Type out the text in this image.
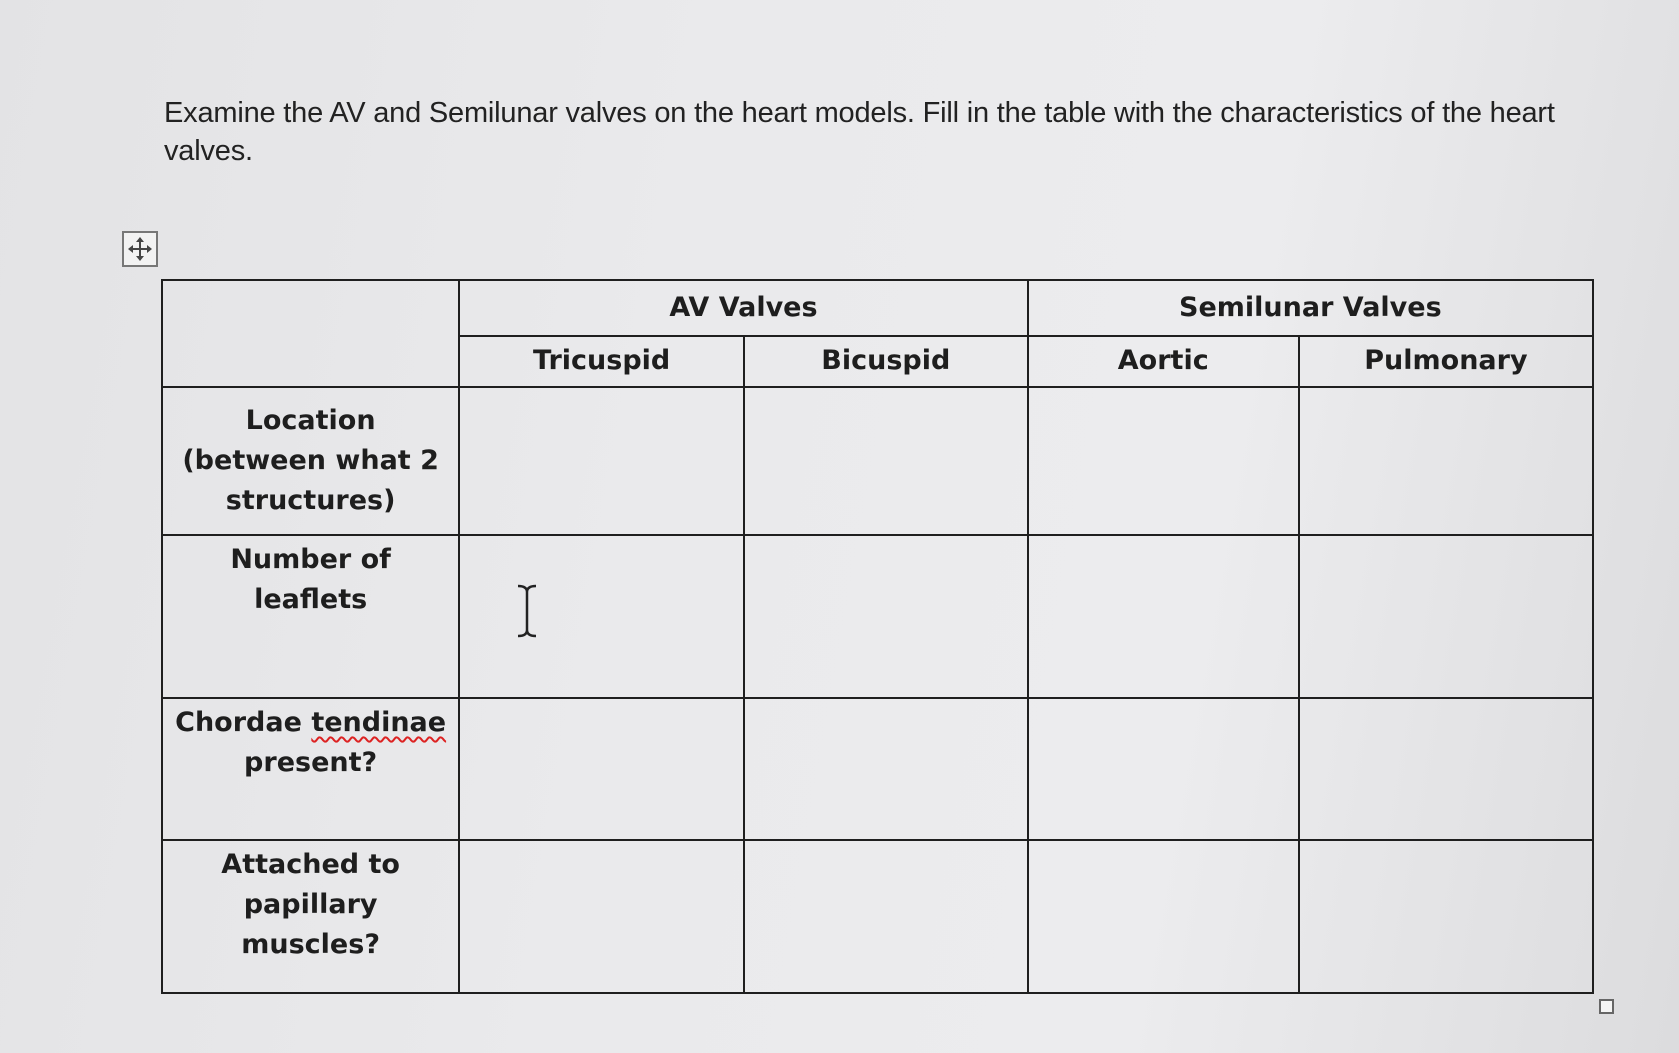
Examine the AV and Semilunar valves on the heart models. Fill in the table with the characteristics of the heart valves.
	AV Valves		Semilunar Valves	
	Tricuspid	Bicuspid	Aortic	Pulmonary

Location
(between what 2
structures)				

Number of
leaflets

Chordae tendinae
present?				

Attached to
papillary
muscles?				
